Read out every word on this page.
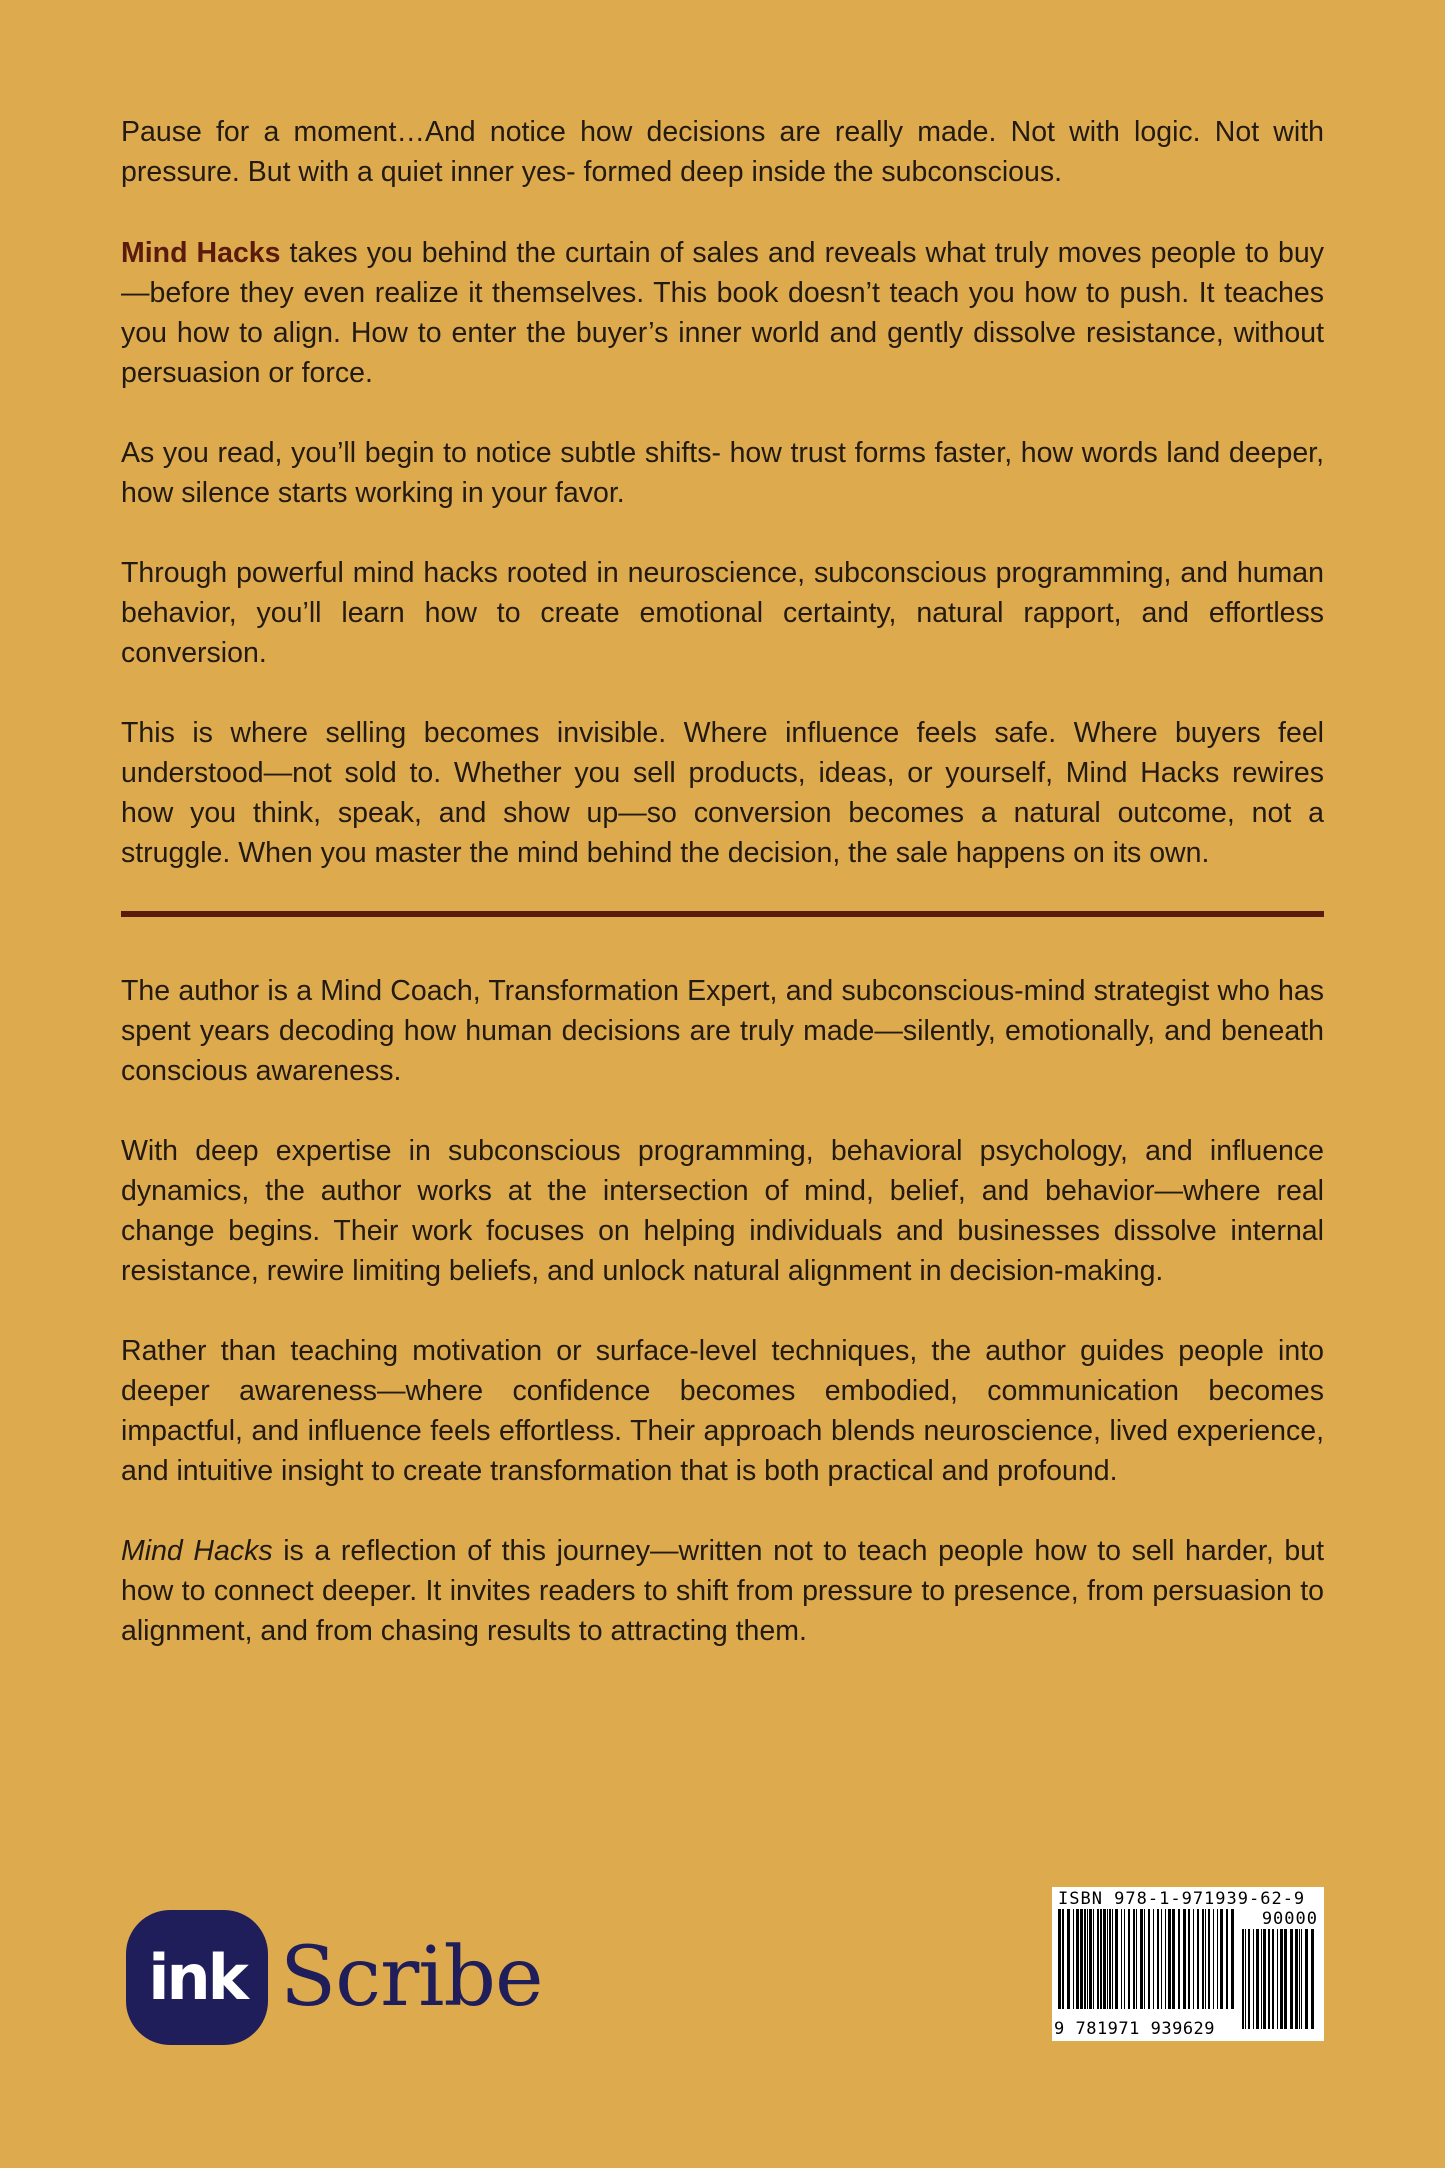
Pause for a moment…And notice how decisions are really made. Not with logic. Not with pressure. But with a quiet inner yes- formed deep inside the subconscious.

Mind Hacks takes you behind the curtain of sales and reveals what truly moves people to buy—before they even realize it themselves. This book doesn’t teach you how to push. It teaches you how to align. How to enter the buyer’s inner world and gently dissolve resistance, without persuasion or force.

As you read, you’ll begin to notice subtle shifts- how trust forms faster, how words land deeper, how silence starts working in your favor.

Through powerful mind hacks rooted in neuroscience, subconscious programming, and human behavior, you’ll learn how to create emotional certainty, natural rapport, and effortless conversion.

This is where selling becomes invisible. Where influence feels safe. Where buyers feel understood—not sold to. Whether you sell products, ideas, or yourself, Mind Hacks rewires how you think, speak, and show up—so conversion becomes a natural outcome, not a struggle. When you master the mind behind the decision, the sale happens on its own.

The author is a Mind Coach, Transformation Expert, and subconscious-mind strategist who has spent years decoding how human decisions are truly made—silently, emotionally, and beneath conscious awareness.

With deep expertise in subconscious programming, behavioral psychology, and influence dynamics, the author works at the intersection of mind, belief, and behavior—where real change begins. Their work focuses on helping individuals and businesses dissolve internal resistance, rewire limiting beliefs, and unlock natural alignment in decision-making.

Rather than teaching motivation or surface-level techniques, the author guides people into deeper awareness—where confidence becomes embodied, communication becomes impactful, and influence feels effortless. Their approach blends neuroscience, lived experience, and intuitive insight to create transformation that is both practical and profound.

Mind Hacks is a reflection of this journey—written not to teach people how to sell harder, but how to connect deeper. It invites readers to shift from pressure to presence, from persuasion to alignment, and from chasing results to attracting them.

ink Scribe
ISBN 978-1-971939-62-9
90000
9 781971 939629
